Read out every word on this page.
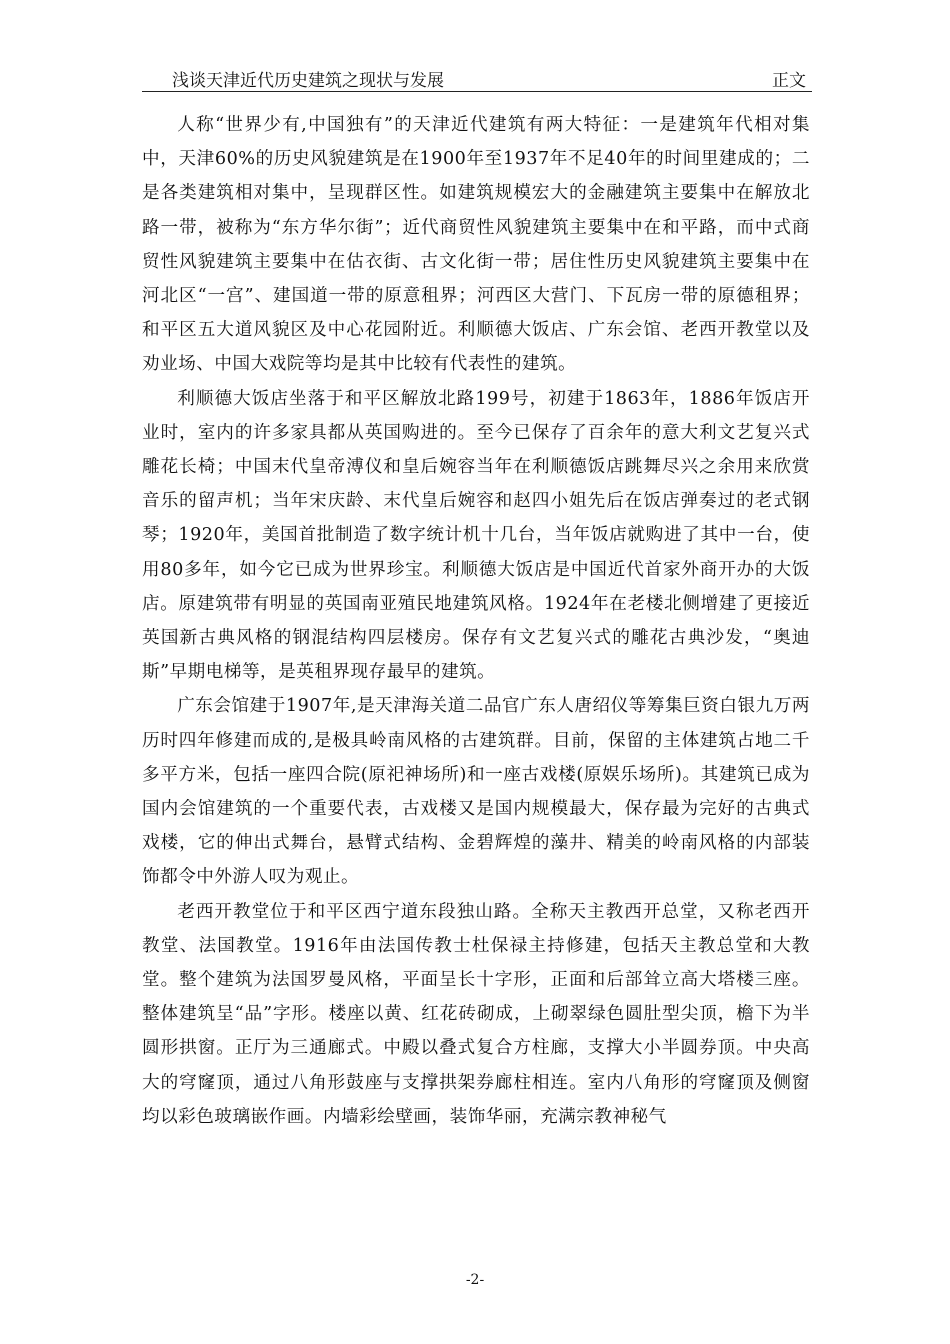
浅谈天津近代历史建筑之现状与发展	正文

人称“世界少有,中国独有”的天津近代建筑有两大特征：一是建筑年代相对集中，天津60%的历史风貌建筑是在1900年至1937年不足40年的时间里建成的；二是各类建筑相对集中，呈现群区性。如建筑规模宏大的金融建筑主要集中在解放北路一带，被称为“东方华尔街”；近代商贸性风貌建筑主要集中在和平路，而中式商贸性风貌建筑主要集中在估衣街、古文化街一带；居住性历史风貌建筑主要集中在河北区“一宫”、建国道一带的原意租界；河西区大营门、下瓦房一带的原德租界；和平区五大道风貌区及中心花园附近。利顺德大饭店、广东会馆、老西开教堂以及劝业场、中国大戏院等均是其中比较有代表性的建筑。

利顺德大饭店坐落于和平区解放北路199号，初建于1863年，1886年饭店开业时，室内的许多家具都从英国购进的。至今已保存了百余年的意大利文艺复兴式雕花长椅；中国末代皇帝溥仪和皇后婉容当年在利顺德饭店跳舞尽兴之余用来欣赏音乐的留声机；当年宋庆龄、末代皇后婉容和赵四小姐先后在饭店弹奏过的老式钢琴；1920年，美国首批制造了数字统计机十几台，当年饭店就购进了其中一台，使用80多年，如今它已成为世界珍宝。利顺德大饭店是中国近代首家外商开办的大饭店。原建筑带有明显的英国南亚殖民地建筑风格。1924年在老楼北侧增建了更接近英国新古典风格的钢混结构四层楼房。保存有文艺复兴式的雕花古典沙发，“奥迪斯”早期电梯等，是英租界现存最早的建筑。

广东会馆建于1907年,是天津海关道二品官广东人唐绍仪等筹集巨资白银九万两历时四年修建而成的,是极具岭南风格的古建筑群。目前，保留的主体建筑占地二千多平方米，包括一座四合院(原祀神场所)和一座古戏楼(原娱乐场所)。其建筑已成为国内会馆建筑的一个重要代表，古戏楼又是国内规模最大，保存最为完好的古典式戏楼，它的伸出式舞台，悬臂式结构、金碧辉煌的藻井、精美的岭南风格的内部装饰都令中外游人叹为观止。

老西开教堂位于和平区西宁道东段独山路。全称天主教西开总堂，又称老西开教堂、法国教堂。1916年由法国传教士杜保禄主持修建，包括天主教总堂和大教堂。整个建筑为法国罗曼风格，平面呈长十字形，正面和后部耸立高大塔楼三座。整体建筑呈“品”字形。楼座以黄、红花砖砌成，上砌翠绿色圆肚型尖顶，檐下为半圆形拱窗。正厅为三通廊式。中殿以叠式复合方柱廊，支撑大小半圆券顶。中央高大的穹窿顶，通过八角形鼓座与支撑拱架券廊柱相连。室内八角形的穹窿顶及侧窗均以彩色玻璃嵌作画。内墙彩绘壁画，装饰华丽，充满宗教神秘气

-2-
